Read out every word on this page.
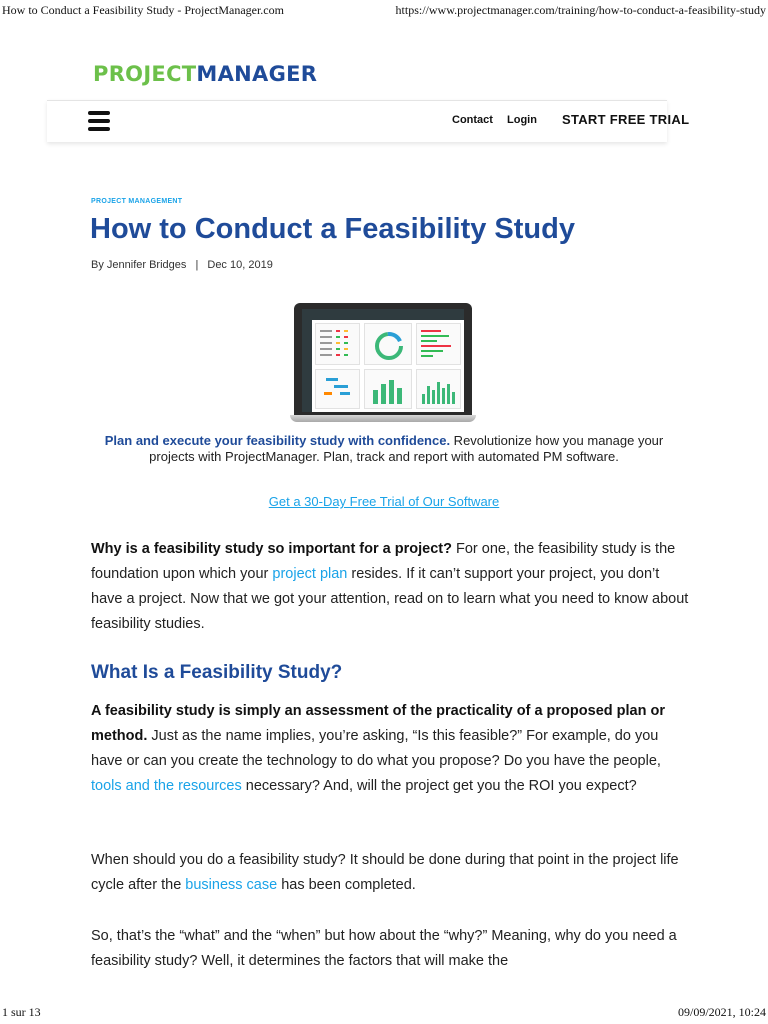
How to Conduct a Feasibility Study - ProjectManager.com	https://www.projectmanager.com/training/how-to-conduct-a-feasibility-study
PROJECTMANAGER
Contact Login START FREE TRIAL
PROJECT MANAGEMENT
How to Conduct a Feasibility Study
By Jennifer Bridges | Dec 10, 2019

Plan and execute your feasibility study with confidence. Revolutionize how you manage your projects with ProjectManager. Plan, track and report with automated PM software.

Get a 30-Day Free Trial of Our Software

Why is a feasibility study so important for a project? For one, the feasibility study is the foundation upon which your project plan resides. If it can’t support your project, you don’t have a project. Now that we got your attention, read on to learn what you need to know about feasibility studies.

What Is a Feasibility Study?

A feasibility study is simply an assessment of the practicality of a proposed plan or method. Just as the name implies, you’re asking, “Is this feasible?” For example, do you have or can you create the technology to do what you propose? Do you have the people, tools and the resources necessary? And, will the project get you the ROI you expect?

When should you do a feasibility study? It should be done during that point in the project life cycle after the business case has been completed.

So, that’s the “what” and the “when” but how about the “why?” Meaning, why do you need a feasibility study? Well, it determines the factors that will make the

1 sur 13	09/09/2021, 10:24
